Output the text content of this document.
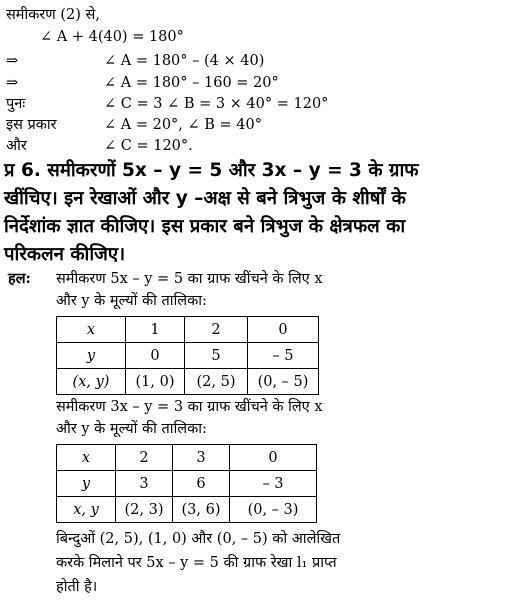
समीकरण (2) से,
∠ A + 4(40) = 180°
⇒	∠ A = 180° – (4 × 40)
⇒	∠ A = 180° – 160 = 20°
पुनः	∠ C = 3 ∠ B = 3 × 40° = 120°
इस प्रकार	∠ A = 20°, ∠ B = 40°
और	∠ C = 120°.
प्र 6. समीकरणों 5x – y = 5 और 3x – y = 3 के ग्राफ
खींचिए। इन रेखाओं और y –अक्ष से बने त्रिभुज के शीर्षों के
निर्देशांक ज्ञात कीजिए। इस प्रकार बने त्रिभुज के क्षेत्रफल का
परिकलन कीजिए।
हल: समीकरण 5x – y = 5 का ग्राफ खींचने के लिए x
और y के मूल्यों की तालिका:
x	1	2	0
y	0	5	– 5
(x, y)	(1, 0)	(2, 5)	(0, – 5)
समीकरण 3x – y = 3 का ग्राफ खींचने के लिए x
और y के मूल्यों की तालिका:
x	2	3	0
y	3	6	– 3
x, y	(2, 3)	(3, 6)	(0, – 3)
बिन्दुओं (2, 5), (1, 0) और (0, – 5) को आलेखित
करके मिलाने पर 5x – y = 5 की ग्राफ रेखा l₁ प्राप्त
होती है।
